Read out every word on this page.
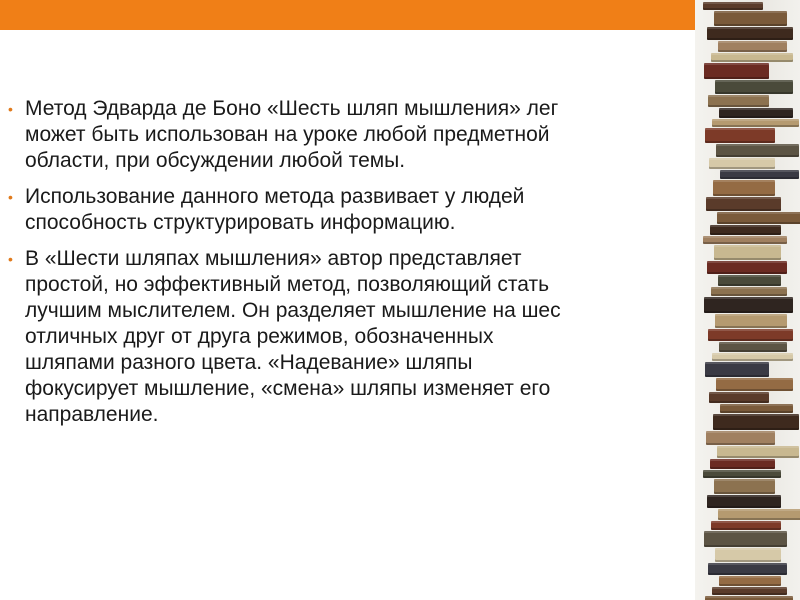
• Метод Эдварда де Боно «Шесть шляп мышления» лег
может быть использован на уроке любой предметной
области, при обсуждении любой темы.
• Использование данного метода развивает у людей
способность структурировать информацию.
• В «Шести шляпах мышления» автор представляет
простой, но эффективный метод, позволяющий стать
лучшим мыслителем. Он разделяет мышление на шес
отличных друг от друга режимов, обозначенных
шляпами разного цвета. «Надевание» шляпы
фокусирует мышление, «смена» шляпы изменяет его
направление.
